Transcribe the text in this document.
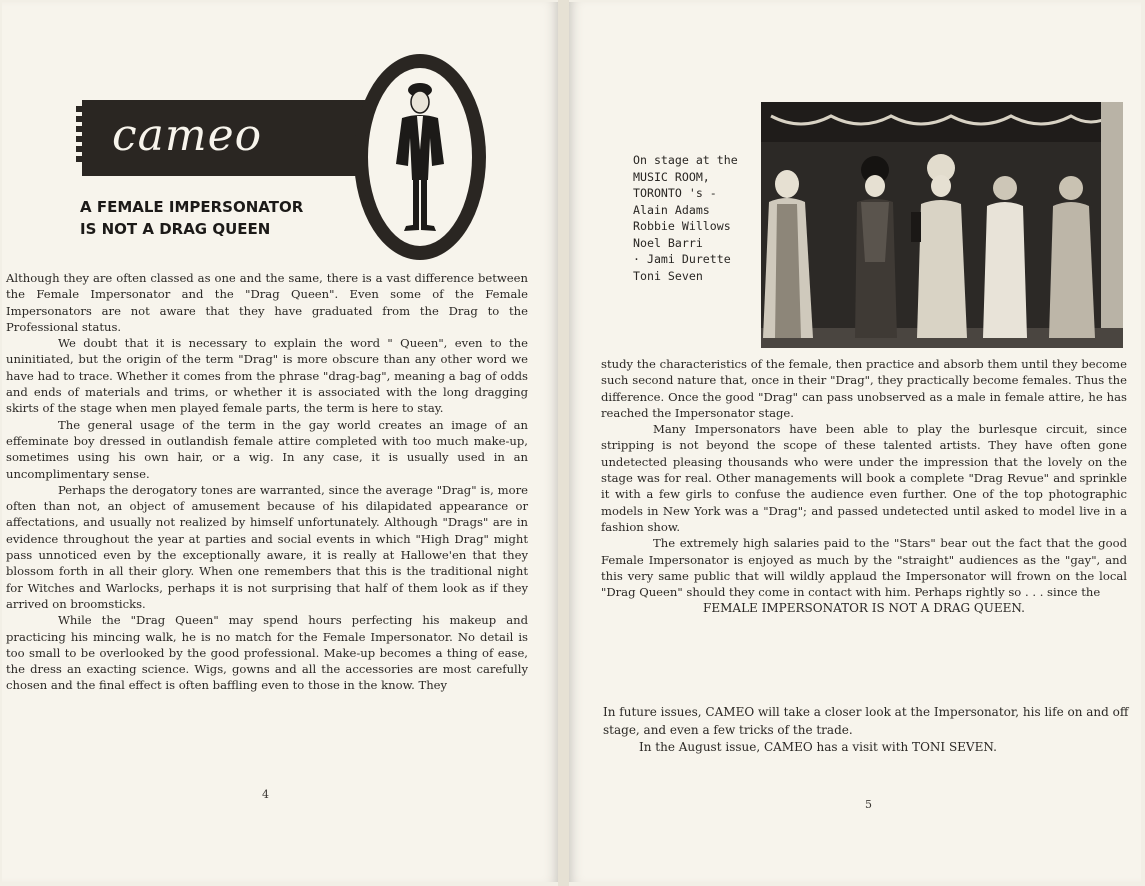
cameo
A FEMALE IMPERSONATOR
IS NOT A DRAG QUEEN

Although they are often classed as one and the same, there is a vast difference between the Female Impersonator and the "Drag Queen". Even some of the Female Impersonators are not aware that they have graduated from the Drag to the Professional status.

We doubt that it is necessary to explain the word " Queen", even to the uninitiated, but the origin of the term "Drag" is more obscure than any other word we have had to trace. Whether it comes from the phrase "drag-bag", meaning a bag of odds and ends of materials and trims, or whether it is associated with the long dragging skirts of the stage when men played female parts, the term is here to stay.

The general usage of the term in the gay world creates an image of an effeminate boy dressed in outlandish female attire completed with too much make-up, sometimes using his own hair, or a wig. In any case, it is usually used in an uncomplimentary sense.

Perhaps the derogatory tones are warranted, since the average "Drag" is, more often than not, an object of amusement because of his dilapidated appearance or affectations, and usually not realized by himself unfortunately. Although "Drags" are in evidence throughout the year at parties and social events in which "High Drag" might pass unnoticed even by the exceptionally aware, it is really at Hallowe'en that they blossom forth in all their glory. When one remembers that this is the traditional night for Witches and Warlocks, perhaps it is not surprising that half of them look as if they arrived on broomsticks.

While the "Drag Queen" may spend hours perfecting his makeup and practicing his mincing walk, he is no match for the Female Impersonator. No detail is too small to be overlooked by the good professional. Make-up becomes a thing of ease, the dress an exacting science. Wigs, gowns and all the accessories are most carefully chosen and the final effect is often baffling even to those in the know. They

4
On stage at the
MUSIC ROOM,
TORONTO 's -
Alain Adams
Robbie Willows
Noel Barri
· Jami Durette
Toni Seven

study the characteristics of the female, then practice and absorb them until they become such second nature that, once in their "Drag", they practically become females. Thus the difference. Once the good "Drag" can pass unobserved as a male in female attire, he has reached the Impersonator stage.

Many Impersonators have been able to play the burlesque circuit, since stripping is not beyond the scope of these talented artists. They have often gone undetected pleasing thousands who were under the impression that the lovely on the stage was for real. Other managements will book a complete "Drag Revue" and sprinkle it with a few girls to confuse the audience even further. One of the top photographic models in New York was a "Drag"; and passed undetected until asked to model live in a fashion show.

The extremely high salaries paid to the "Stars" bear out the fact that the good Female Impersonator is enjoyed as much by the "straight" audiences as the "gay", and this very same public that will wildly applaud the Impersonator will frown on the local "Drag Queen" should they come in contact with him. Perhaps rightly so . . . since the

FEMALE IMPERSONATOR IS NOT A DRAG QUEEN.

In future issues, CAMEO will take a closer look at the Impersonator, his life on and off stage, and even a few tricks of the trade.

In the August issue, CAMEO has a visit with TONI SEVEN.

5
